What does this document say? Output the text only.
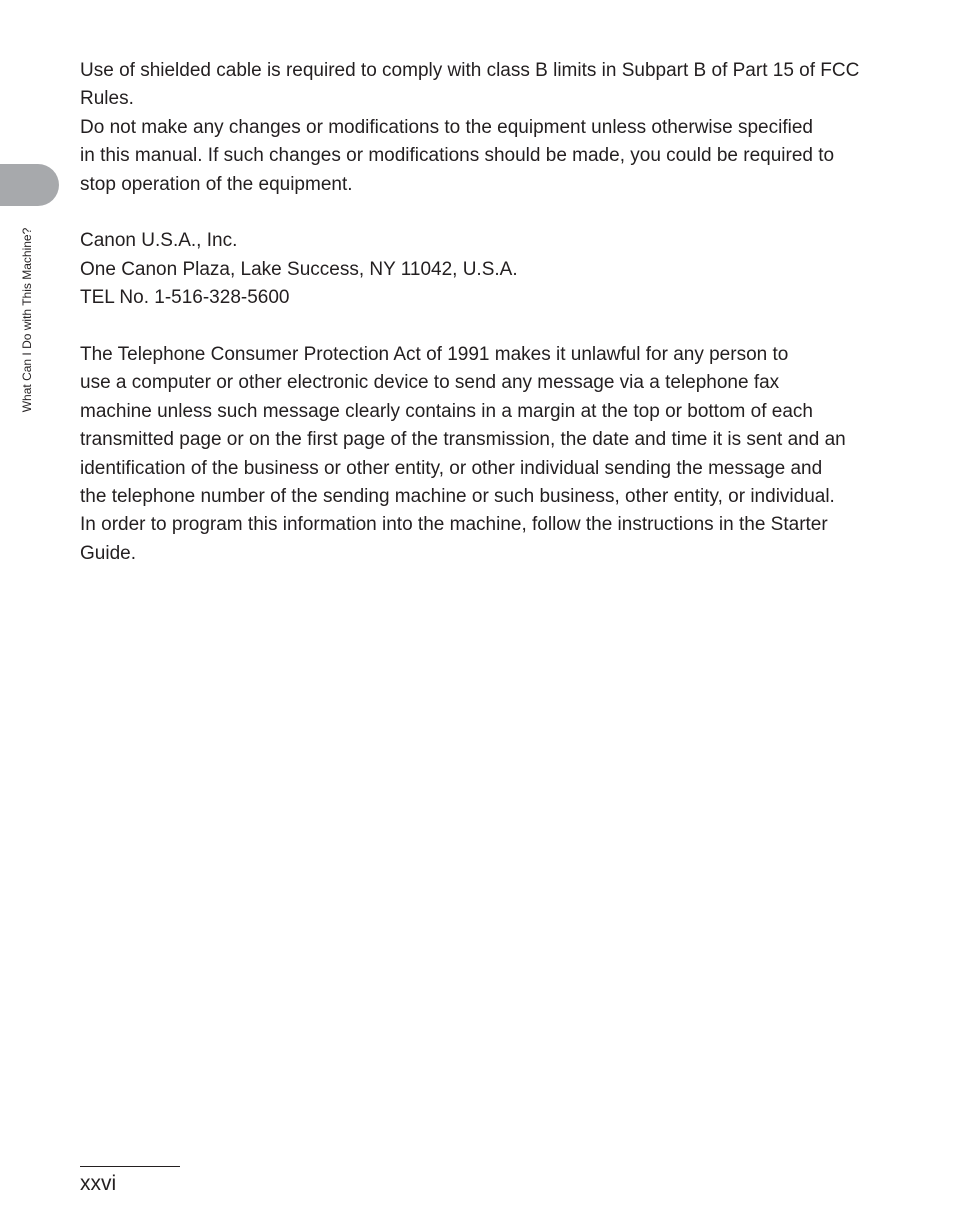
What Can I Do with This Machine?

Use of shielded cable is required to comply with class B limits in Subpart B of Part 15 of FCC

Rules.

Do not make any changes or modifications to the equipment unless otherwise specified

in this manual. If such changes or modifications should be made, you could be required to

stop operation of the equipment.

Canon U.S.A., Inc.

One Canon Plaza, Lake Success, NY 11042, U.S.A.

TEL No. 1-516-328-5600

The Telephone Consumer Protection Act of 1991 makes it unlawful for any person to

use a computer or other electronic device to send any message via a telephone fax

machine unless such message clearly contains in a margin at the top or bottom of each

transmitted page or on the first page of the transmission, the date and time it is sent and an

identification of the business or other entity, or other individual sending the message and

the telephone number of the sending machine or such business, other entity, or individual.

In order to program this information into the machine, follow the instructions in the Starter

Guide.

xxvi
